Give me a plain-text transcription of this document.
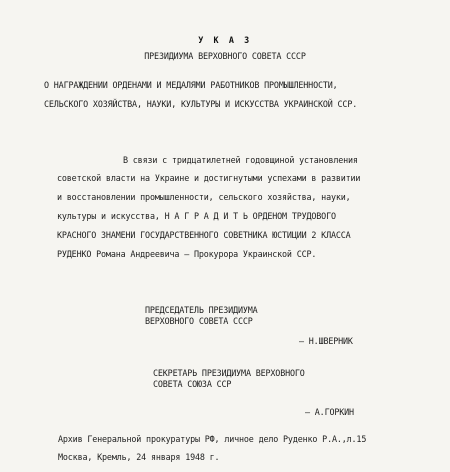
У К А З
ПРЕЗИДИУМА ВЕРХОВНОГО СОВЕТА СССР
О НАГРАЖДЕНИИ ОРДЕНАМИ И МЕДАЛЯМИ РАБОТНИКОВ ПРОМЫШЛЕННОСТИ,
СЕЛЬСКОГО ХОЗЯЙСТВА, НАУКИ, КУЛЬТУРЫ И ИСКУССТВА УКРАИНСКОЙ ССР.
В связи с тридцатилетней годовщиной установления
советской власти на Украине и достигнутыми успехами в развитии
и восстановлении промышленности, сельского хозяйства, науки,
культуры и искусства, Н А Г Р А Д И Т Ь ОРДЕНОМ ТРУДОВОГО
КРАСНОГО ЗНАМЕНИ ГОСУДАРСТВЕННОГО СОВЕТНИКА ЮСТИЦИИ 2 КЛАССА
РУДЕНКО Романа Андреевича – Прокурора Украинской ССР.
ПРЕДСЕДАТЕЛЬ ПРЕЗИДИУМА
ВЕРХОВНОГО СОВЕТА СССР
– Н.ШВЕРНИК
СЕКРЕТАРЬ ПРЕЗИДИУМА ВЕРХОВНОГО
СОВЕТА СОЮЗА ССР
– А.ГОРКИН
Архив Генеральной прокуратуры РФ, личное дело Руденко Р.А.,л.15
Москва, Кремль, 24 января 1948 г.
